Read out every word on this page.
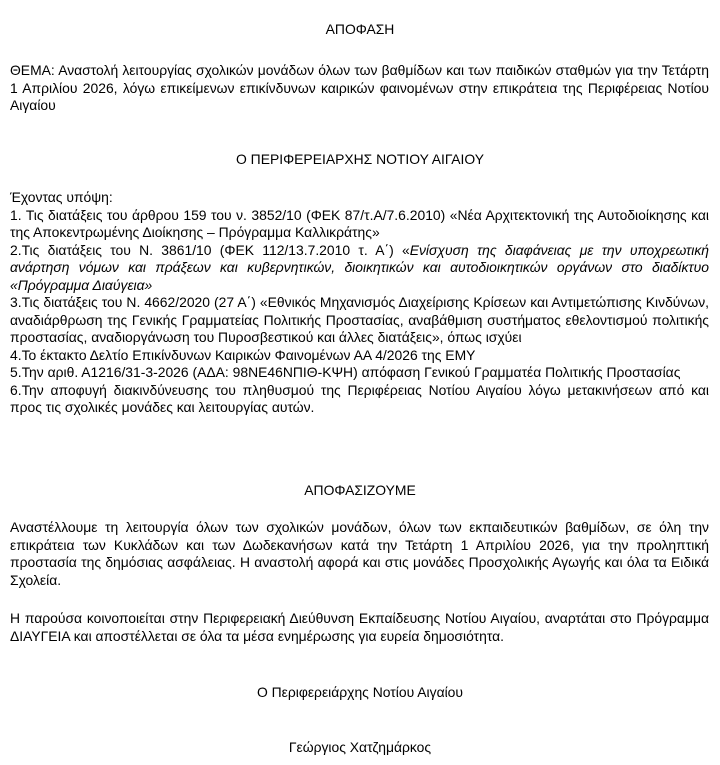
ΑΠΟΦΑΣΗ

ΘΕΜΑ: Αναστολή λειτουργίας σχολικών μονάδων όλων των βαθμίδων και των παιδικών σταθμών για την Τετάρτη 1 Απριλίου 2026, λόγω επικείμενων επικίνδυνων καιρικών φαινομένων στην επικράτεια της Περιφέρειας Νοτίου Αιγαίου

Ο ΠΕΡΙΦΕΡΕΙΑΡΧΗΣ ΝΟΤΙΟΥ ΑΙΓΑΙΟΥ

Έχοντας υπόψη:

1. Τις διατάξεις του άρθρου 159 του ν. 3852/10 (ΦΕΚ 87/τ.Α/7.6.2010) «Νέα Αρχιτεκτονική της Αυτοδιοίκησης και της Αποκεντρωμένης Διοίκησης – Πρόγραμμα Καλλικράτης»

2.Τις διατάξεις του Ν. 3861/10 (ΦΕΚ 112/13.7.2010 τ. Α΄) «Ενίσχυση της διαφάνειας με την υποχρεωτική ανάρτηση νόμων και πράξεων και κυβερνητικών, διοικητικών και αυτοδιοικητικών οργάνων στο διαδίκτυο «Πρόγραμμα Διαύγεια»

3.Τις διατάξεις του Ν. 4662/2020 (27 Α΄) «Εθνικός Μηχανισμός Διαχείρισης Κρίσεων και Αντιμετώπισης Κινδύνων, αναδιάρθρωση της Γενικής Γραμματείας Πολιτικής Προστασίας, αναβάθμιση συστήματος εθελοντισμού πολιτικής προστασίας, αναδιοργάνωση του Πυροσβεστικού και άλλες διατάξεις», όπως ισχύει

4.Το έκτακτο Δελτίο Επικίνδυνων Καιρικών Φαινομένων ΑΑ 4/2026 της ΕΜΥ

5.Την αριθ. Α1216/31-3-2026 (ΑΔΑ: 98ΝΕ46ΝΠΙΘ-ΚΨΗ) απόφαση Γενικού Γραμματέα Πολιτικής Προστασίας

6.Την αποφυγή διακινδύνευσης του πληθυσμού της Περιφέρειας Νοτίου Αιγαίου λόγω μετακινήσεων από και προς τις σχολικές μονάδες και λειτουργίας αυτών.

ΑΠΟΦΑΣΙΖΟΥΜΕ

Αναστέλλουμε τη λειτουργία όλων των σχολικών μονάδων, όλων των εκπαιδευτικών βαθμίδων, σε όλη την επικράτεια των Κυκλάδων και των Δωδεκανήσων κατά την Τετάρτη 1 Απριλίου 2026, για την προληπτική προστασία της δημόσιας ασφάλειας. Η αναστολή αφορά και στις μονάδες Προσχολικής Αγωγής και όλα τα Ειδικά Σχολεία.

Η παρούσα κοινοποιείται στην Περιφερειακή Διεύθυνση Εκπαίδευσης Νοτίου Αιγαίου, αναρτάται στο Πρόγραμμα ΔΙΑΥΓΕΙΑ και αποστέλλεται σε όλα τα μέσα ενημέρωσης για ευρεία δημοσιότητα.

Ο Περιφερειάρχης Νοτίου Αιγαίου

Γεώργιος Χατζημάρκος
